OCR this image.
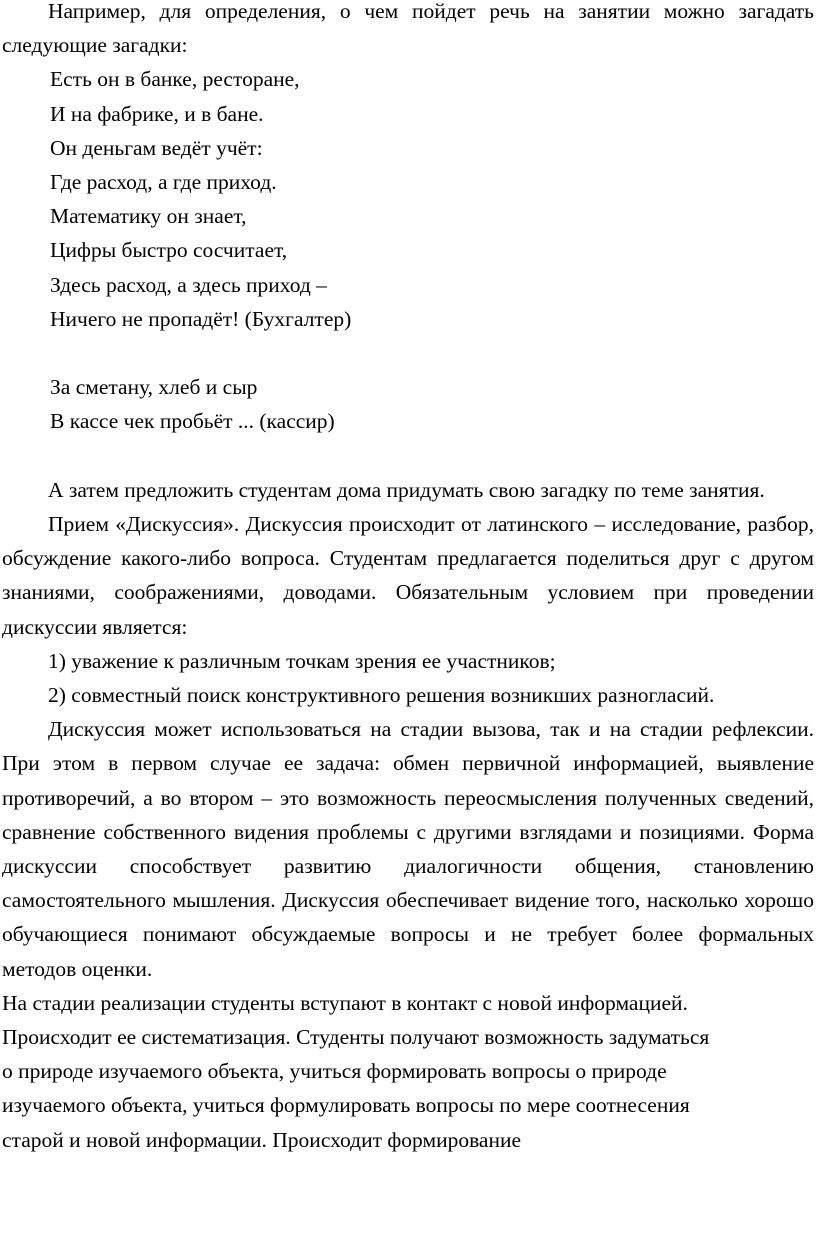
Например, для определения, о чем пойдет речь на занятии можно загадать следующие загадки:

Есть он в банке, ресторане,

И на фабрике, и в бане.

Он деньгам ведёт учёт:

Где расход, а где приход.

Математику он знает,

Цифры быстро сосчитает,

Здесь расход, а здесь приход –

Ничего не пропадёт! (Бухгалтер)

За сметану, хлеб и сыр

В кассе чек пробьёт ... (кассир)

А затем предложить студентам дома придумать свою загадку по теме занятия.

Прием «Дискуссия». Дискуссия происходит от латинского – исследование, разбор, обсуждение какого-либо вопроса. Студентам предлагается поделиться друг с другом знаниями, соображениями, доводами. Обязательным условием при проведении дискуссии является:

1) уважение к различным точкам зрения ее участников;

2) совместный поиск конструктивного решения возникших разногласий.

Дискуссия может использоваться на стадии вызова, так и на стадии рефлексии. При этом в первом случае ее задача: обмен первичной информацией, выявление противоречий, а во втором – это возможность переосмысления полученных сведений, сравнение собственного видения проблемы с другими взглядами и позициями. Форма дискуссии способствует развитию диалогичности общения, становлению самостоятельного мышления. Дискуссия обеспечивает видение того, насколько хорошо обучающиеся понимают обсуждаемые вопросы и не требует более формальных методов оценки.

На стадии реализации студенты вступают в контакт с новой информацией.

Происходит ее систематизация. Студенты получают возможность задуматься

о природе изучаемого объекта, учиться формировать вопросы о природе

изучаемого объекта, учиться формулировать вопросы по мере соотнесения

старой и новой информации. Происходит формирование
